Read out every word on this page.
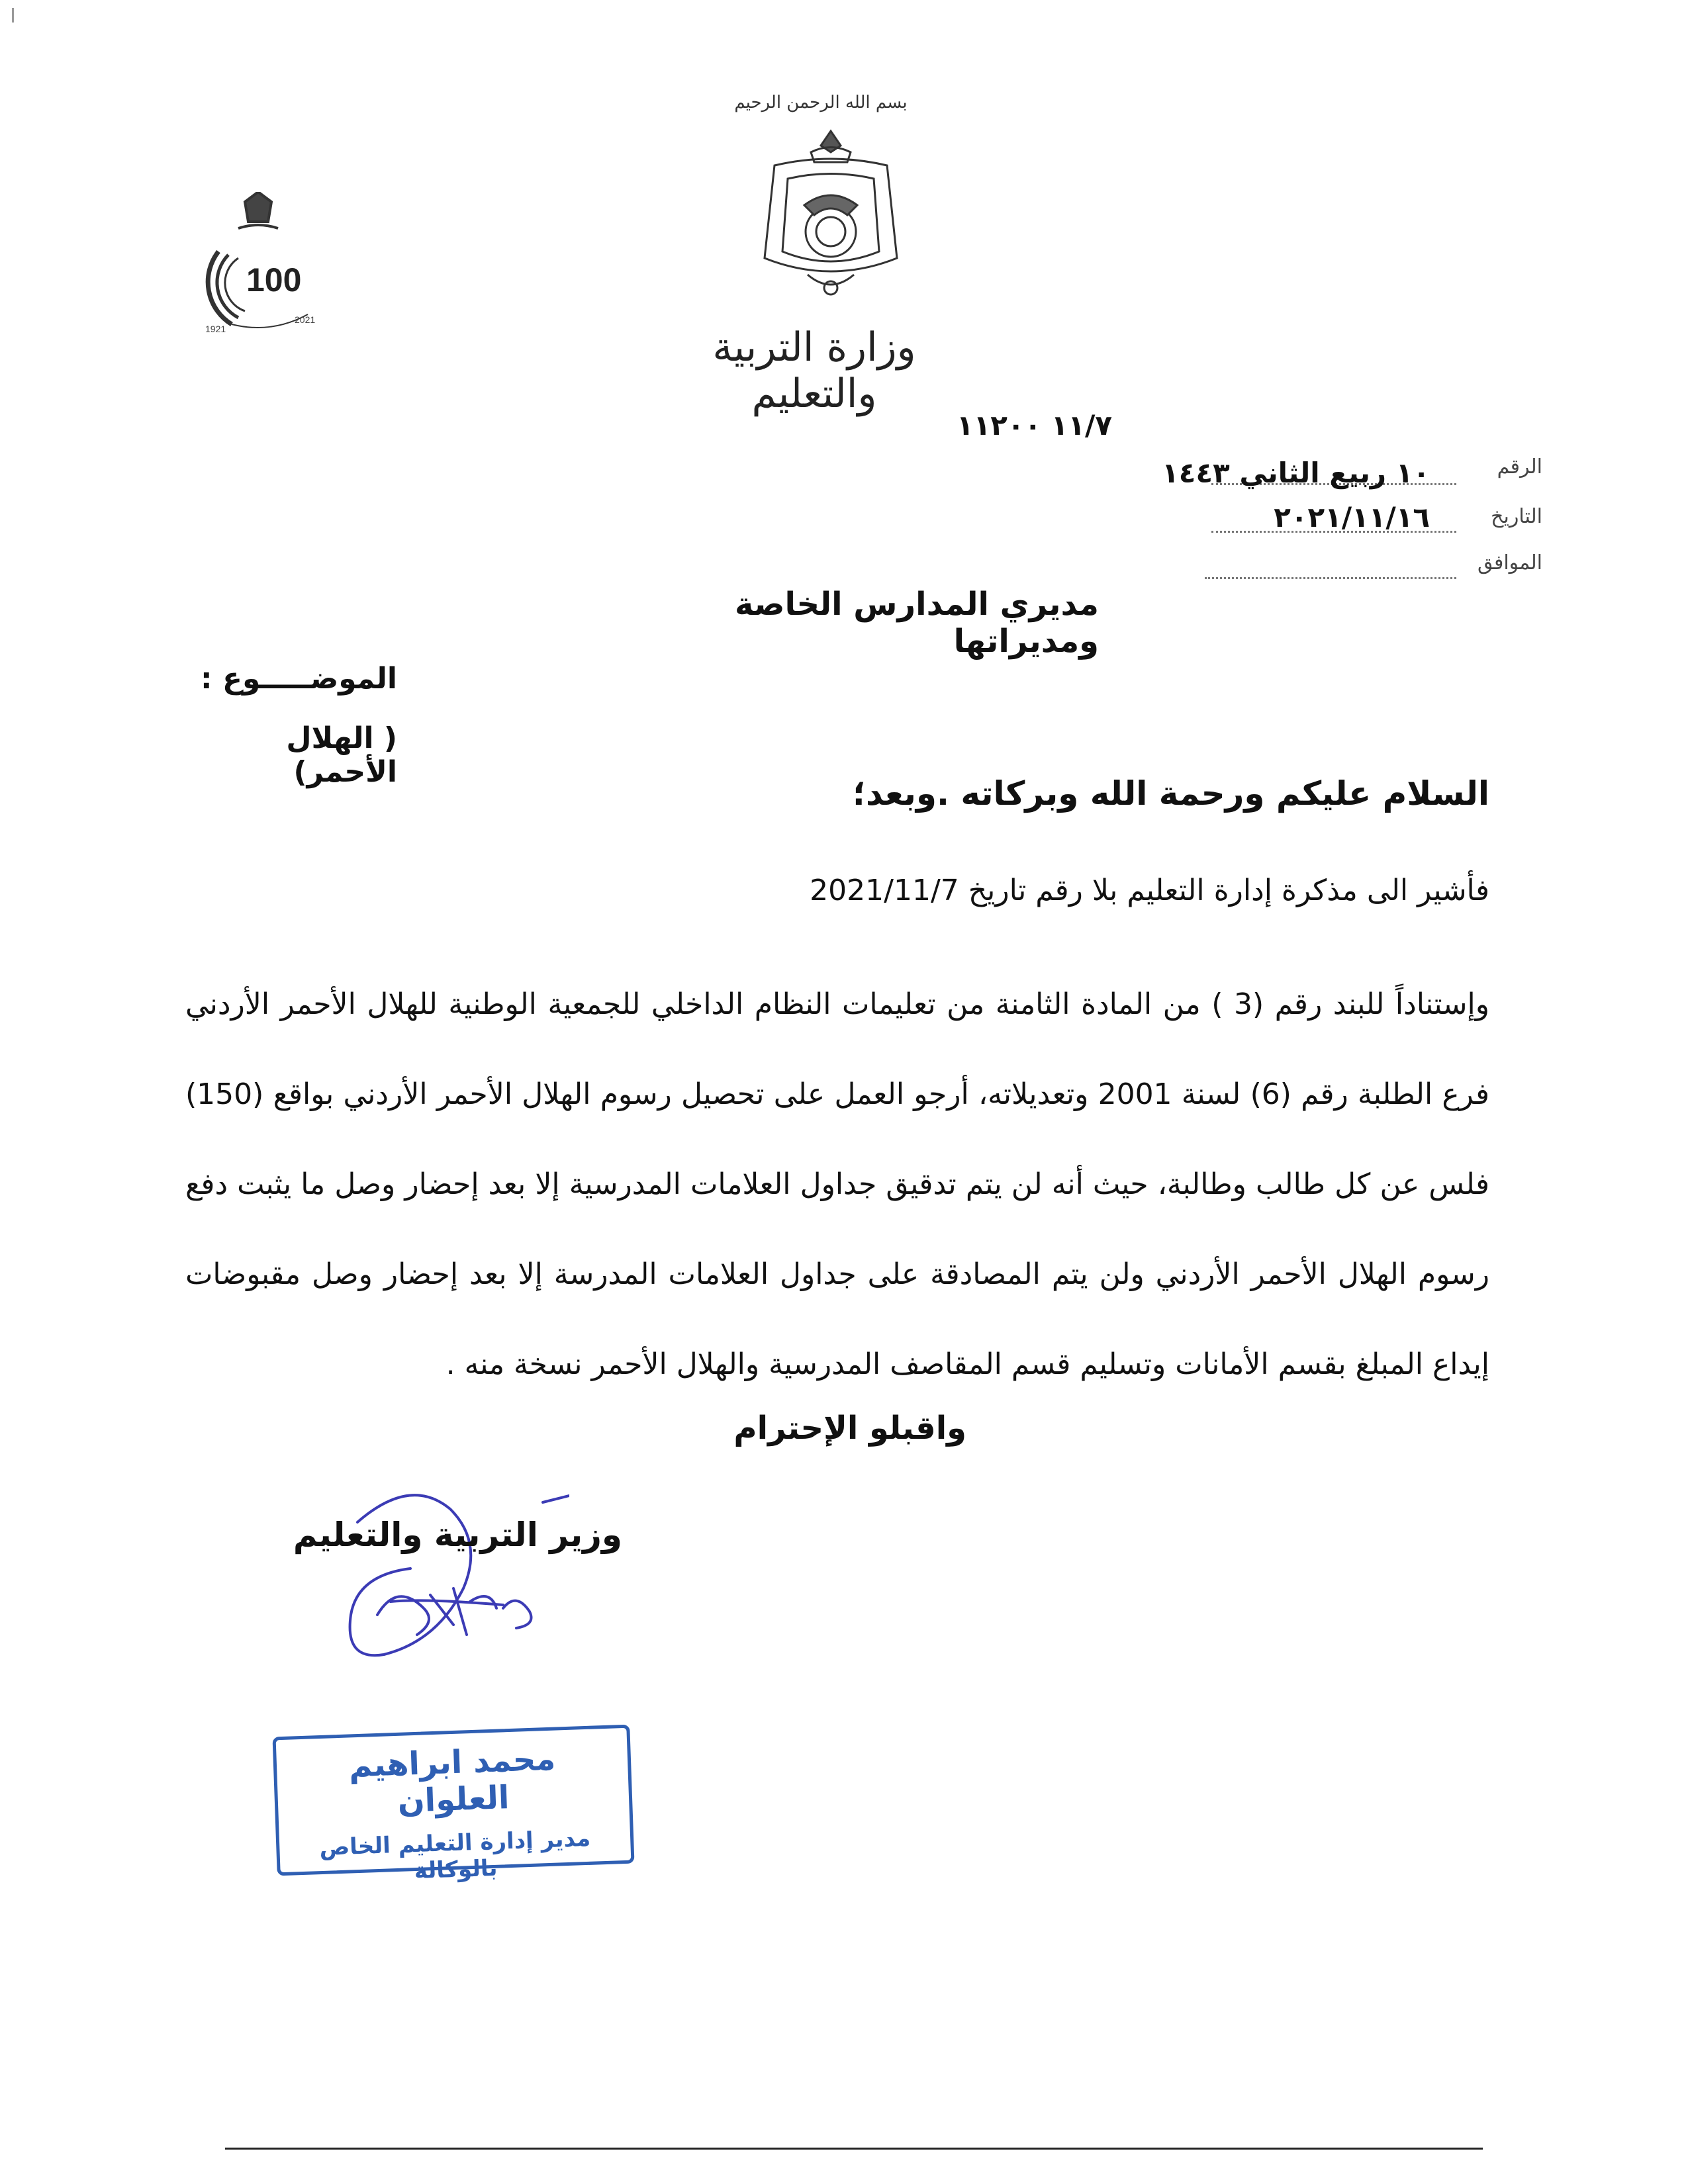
بسم الله الرحمن الرحيم
وزارة التربية والتعليم
100
1921
2021
١١/٧ ١١٢٠٠
الرقم
١٠ ربيع الثاني ١٤٤٣
التاريخ
٢٠٢١/١١/١٦
الموافق
مديري المدارس الخاصة ومديراتها
الموضـــــوع :
( الهلال الأحمر)
السلام عليكم ورحمة الله وبركاته .وبعد؛
فأشير الى مذكرة إدارة التعليم بلا رقم تاريخ 2021/11/7
وإستناداً للبند رقم (3 ) من المادة الثامنة من تعليمات النظام الداخلي للجمعية الوطنية للهلال الأحمر الأردني فرع الطلبة رقم (6) لسنة 2001 وتعديلاته، أرجو العمل على تحصيل رسوم الهلال الأحمر الأردني بواقع (150) فلس عن كل طالب وطالبة، حيث أنه لن يتم تدقيق جداول العلامات المدرسية إلا بعد إحضار وصل ما يثبت دفع رسوم الهلال الأحمر الأردني ولن يتم المصادقة على جداول العلامات المدرسة إلا بعد إحضار وصل مقبوضات إيداع المبلغ بقسم الأمانات وتسليم قسم المقاصف المدرسية والهلال الأحمر نسخة منه .
واقبلو الإحترام
وزير التربية والتعليم
محمد ابراهيم العلوان
مدير إدارة التعليم الخاص بالوكالة
